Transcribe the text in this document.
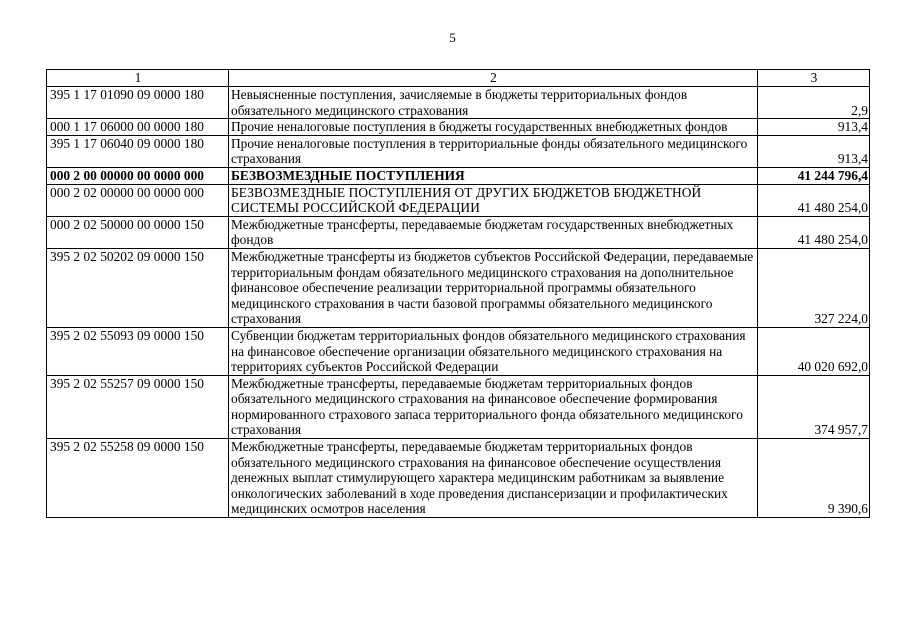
5
1	2	3
395 1 17 01090 09 0000 180	Невыясненные поступления, зачисляемые в бюджеты территориальных фондов обязательного медицинского страхования	2,9
000 1 17 06000 00 0000 180	Прочие неналоговые поступления в бюджеты государственных внебюджетных фондов	913,4
395 1 17 06040 09 0000 180	Прочие неналоговые поступления в территориальные фонды обязательного медицинского страхования	913,4
000 2 00 00000 00 0000 000	БЕЗВОЗМЕЗДНЫЕ ПОСТУПЛЕНИЯ	41 244 796,4
000 2 02 00000 00 0000 000	БЕЗВОЗМЕЗДНЫЕ ПОСТУПЛЕНИЯ ОТ ДРУГИХ БЮДЖЕТОВ БЮДЖЕТНОЙ СИСТЕМЫ РОССИЙСКОЙ ФЕДЕРАЦИИ	41 480 254,0
000 2 02 50000 00 0000 150	Межбюджетные трансферты, передаваемые бюджетам государственных внебюджетных фондов	41 480 254,0
395 2 02 50202 09 0000 150	Межбюджетные трансферты из бюджетов субъектов Российской Федерации, передаваемые территориальным фондам обязательного медицинского страхования на дополнительное финансовое обеспечение реализации территориальной программы обязательного медицинского страхования в части базовой программы обязательного медицинского страхования	327 224,0
395 2 02 55093 09 0000 150	Субвенции бюджетам территориальных фондов обязательного медицинского страхования на финансовое обеспечение организации обязательного медицинского страхования на территориях субъектов Российской Федерации	40 020 692,0
395 2 02 55257 09 0000 150	Межбюджетные трансферты, передаваемые бюджетам территориальных фондов обязательного медицинского страхования на финансовое обеспечение формирования нормированного страхового запаса территориального фонда обязательного медицинского страхования	374 957,7
395 2 02 55258 09 0000 150	Межбюджетные трансферты, передаваемые бюджетам территориальных фондов обязательного медицинского страхования на финансовое обеспечение осуществления денежных выплат стимулирующего характера медицинским работникам за выявление онкологических заболеваний в ходе проведения диспансеризации и профилактических медицинских осмотров населения	9 390,6
